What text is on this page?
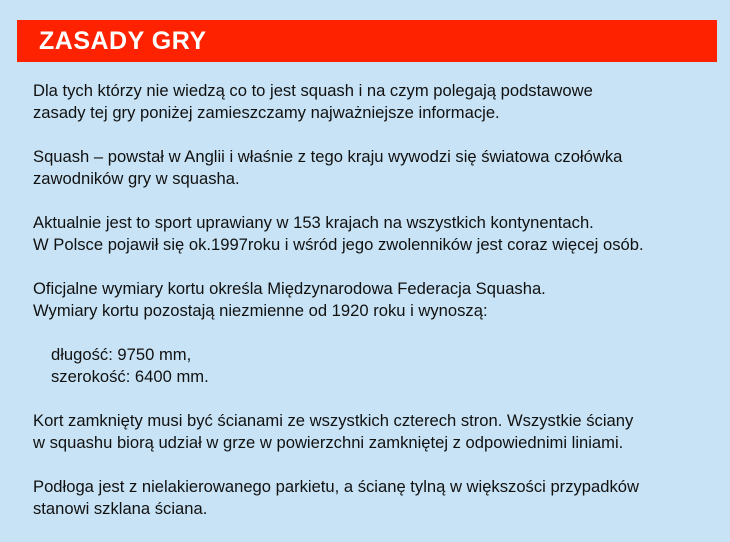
ZASADY GRY

Dla tych którzy nie wiedzą co to jest squash i na czym polegają podstawowe
zasady tej gry poniżej zamieszczamy najważniejsze informacje.

Squash – powstał w Anglii i właśnie z tego kraju wywodzi się światowa czołówka
zawodników gry w squasha.

Aktualnie jest to sport uprawiany w 153 krajach na wszystkich kontynentach.
W Polsce pojawił się ok.1997roku i wśród jego zwolenników jest coraz więcej osób.

Oficjalne wymiary kortu określa Międzynarodowa Federacja Squasha.
Wymiary kortu pozostają niezmienne od 1920 roku i wynoszą:

długość: 9750 mm,
szerokość: 6400 mm.

Kort zamknięty musi być ścianami ze wszystkich czterech stron. Wszystkie ściany
w squashu biorą udział w grze w powierzchni zamkniętej z odpowiednimi liniami.

Podłoga jest z nielakierowanego parkietu, a ścianę tylną w większości przypadków
stanowi szklana ściana.
